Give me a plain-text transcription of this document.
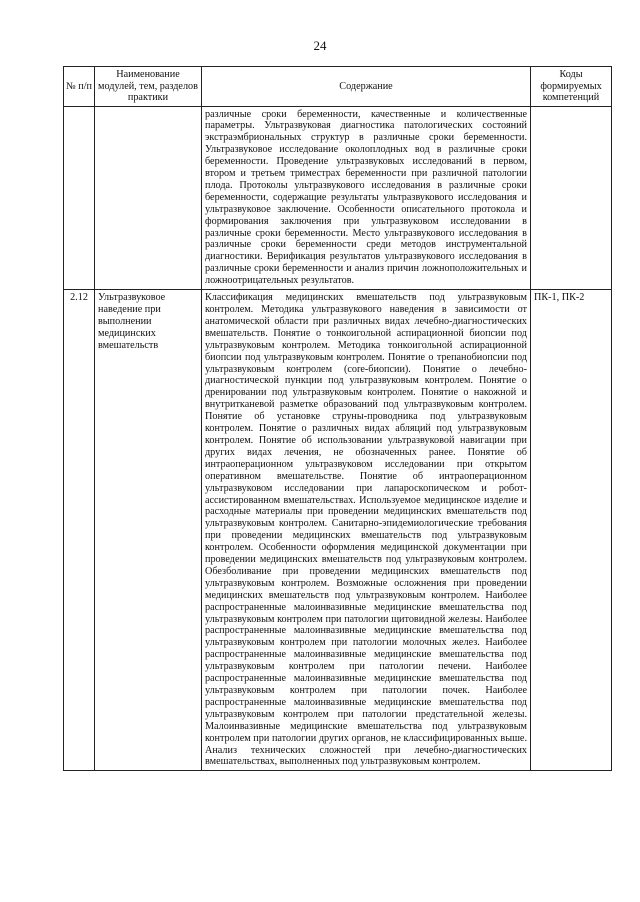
24
№ п/п	Наименование модулей, тем, разделов практики	Содержание	Коды формируемых компетенций
		различные сроки беременности, качественные и количественные параметры. Ультразвуковая диагностика патологических состояний экстраэмбриональных структур в различные сроки беременности. Ультразвуковое исследование околоплодных вод в различные сроки беременности. Проведение ультразвуковых исследований в первом, втором и третьем триместрах беременности при различной патологии плода. Протоколы ультразвукового исследования в различные сроки беременности, содержащие результаты ультразвукового исследования и ультразвуковое заключение. Особенности описательного протокола и формирования заключения при ультразвуковом исследовании в различные сроки беременности. Место ультразвукового исследования в различные сроки беременности среди методов инструментальной диагностики. Верификация результатов ультразвукового исследования в различные сроки беременности и анализ причин ложноположительных и ложноотрицательных результатов.	
2.12	Ультразвуковое наведение при выполнении медицинских вмешательств	Классификация медицинских вмешательств под ультразвуковым контролем. Методика ультразвукового наведения в зависимости от анатомической области при различных видах лечебно-диагностических вмешательств. Понятие о тонкоигольной аспирационной биопсии под ультразвуковым контролем. Методика тонкоигольной аспирационной биопсии под ультразвуковым контролем. Понятие о трепанобиопсии под ультразвуковым контролем (core-биопсии). Понятие о лечебно-диагностической пункции под ультразвуковым контролем. Понятие о дренировании под ультразвуковым контролем. Понятие о накожной и внутритканевой разметке образований под ультразвуковым контролем. Понятие об установке струны-проводника под ультразвуковым контролем. Понятие о различных видах абляций под ультразвуковым контролем. Понятие об использовании ультразвуковой навигации при других видах лечения, не обозначенных ранее. Понятие об интраоперационном ультразвуковом исследовании при открытом оперативном вмешательстве. Понятие об интраоперационном ультразвуковом исследовании при лапароскопическом и робот-ассистированном вмешательствах. Используемое медицинское изделие и расходные материалы при проведении медицинских вмешательств под ультразвуковым контролем. Санитарно-эпидемиологические требования при проведении медицинских вмешательств под ультразвуковым контролем. Особенности оформления медицинской документации при проведении медицинских вмешательств под ультразвуковым контролем. Обезболивание при проведении медицинских вмешательств под ультразвуковым контролем. Возможные осложнения при проведении медицинских вмешательств под ультразвуковым контролем. Наиболее распространенные малоинвазивные медицинские вмешательства под ультразвуковым контролем при патологии щитовидной железы. Наиболее распространенные малоинвазивные медицинские вмешательства под ультразвуковым контролем при патологии молочных желез. Наиболее распространенные малоинвазивные медицинские вмешательства под ультразвуковым контролем при патологии печени. Наиболее распространенные малоинвазивные медицинские вмешательства под ультразвуковым контролем при патологии почек. Наиболее распространенные малоинвазивные медицинские вмешательства под ультразвуковым контролем при патологии предстательной железы. Малоинвазивные медицинские вмешательства под ультразвуковым контролем при патологии других органов, не классифицированных выше. Анализ технических сложностей при лечебно-диагностических вмешательствах, выполненных под ультразвуковым контролем.	ПК-1, ПК-2
